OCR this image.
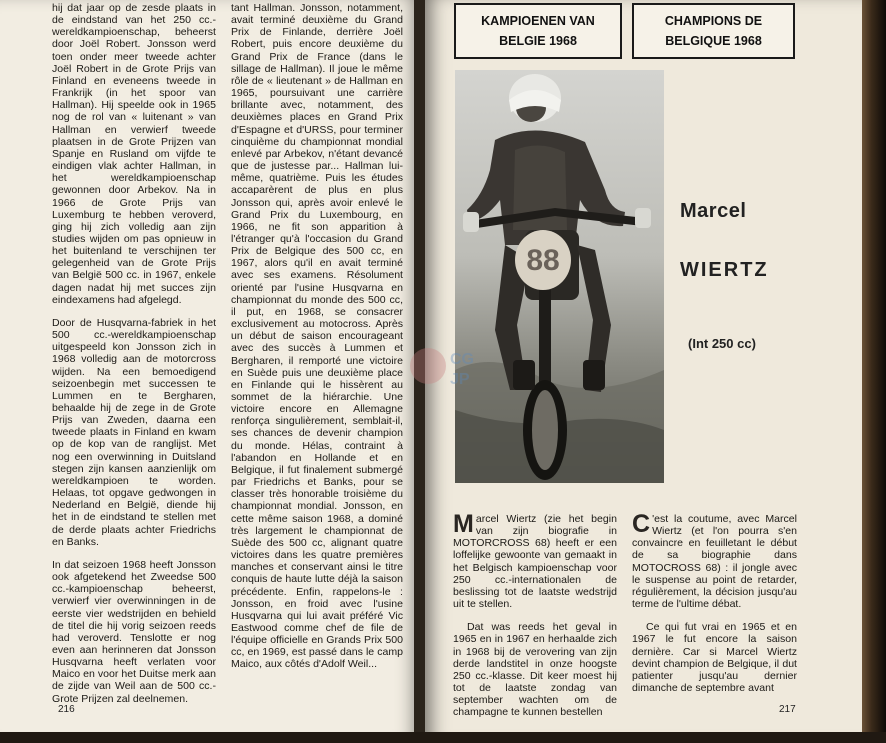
hij dat jaar op de zesde plaats in de eindstand van het 250 cc.-wereldkampioenschap, beheerst door Joël Robert. Jonsson werd toen onder meer tweede achter Joël Robert in de Grote Prijs van Finland en eveneens tweede in Frankrijk (in het spoor van Hallman). Hij speelde ook in 1965 nog de rol van « luitenant » van Hallman en verwierf tweede plaatsen in de Grote Prijzen van Spanje en Rusland om vijfde te eindigen vlak achter Hallman, in het wereldkampioenschap gewonnen door Arbekov. Na in 1966 de Grote Prijs van Luxemburg te hebben veroverd, ging hij zich volledig aan zijn studies wijden om pas opnieuw in het buitenland te verschijnen ter gelegenheid van de Grote Prijs van België 500 cc. in 1967, enkele dagen nadat hij met succes zijn eindexamens had afgelegd.

Door de Husqvarna-fabriek in het 500 cc.-wereldkampioenschap uitgespeeld kon Jonsson zich in 1968 volledig aan de motorcross wijden. Na een bemoedigend seizoenbegin met successen te Lummen en te Bergharen, behaalde hij de zege in de Grote Prijs van Zweden, daarna een tweede plaats in Finland en kwam op de kop van de ranglijst. Met nog een overwinning in Duitsland stegen zijn kansen aanzienlijk om wereldkampioen te worden. Helaas, tot opgave gedwongen in Nederland en België, diende hij het in de eindstand te stellen met de derde plaats achter Friedrichs en Banks.

In dat seizoen 1968 heeft Jonsson ook afgetekend het Zweedse 500 cc.-kampioenschap beheerst, verwierf vier overwinningen in de eerste vier wedstrijden en behield de titel die hij vorig seizoen reeds had veroverd. Tenslotte er nog even aan herinneren dat Jonsson Husqvarna heeft verlaten voor Maico en voor het Duitse merk aan de zijde van Weil aan de 500 cc.-Grote Prijzen zal deelnemen.

tant Hallman. Jonsson, notamment, avait terminé deuxième du Grand Prix de Finlande, derrière Joël Robert, puis encore deuxième du Grand Prix de France (dans le sillage de Hallman). Il joue le même rôle de « lieutenant » de Hallman en 1965, poursuivant une carrière brillante avec, notamment, des deuxièmes places en Grand Prix d'Espagne et d'URSS, pour terminer cinquième du championnat mondial enlevé par Arbekov, n'étant devancé que de justesse par... Hallman lui-même, quatrième. Puis les études accaparèrent de plus en plus Jonsson qui, après avoir enlevé le Grand Prix du Luxembourg, en 1966, ne fit son apparition à l'étranger qu'à l'occasion du Grand Prix de Belgique des 500 cc, en 1967, alors qu'il en avait terminé avec ses examens. Résolument orienté par l'usine Husqvarna en championnat du monde des 500 cc, il put, en 1968, se consacrer exclusivement au motocross. Après un début de saison encourageant avec des succès à Lummen et Bergharen, il remporté une victoire en Suède puis une deuxième place en Finlande qui le hissèrent au sommet de la hiérarchie. Une victoire encore en Allemagne renforça singulièrement, semblait-il, ses chances de devenir champion du monde. Hélas, contraint à l'abandon en Hollande et en Belgique, il fut finalement submergé par Friedrichs et Banks, pour se classer très honorable troisième du championnat mondial. Jonsson, en cette même saison 1968, a dominé très largement le championnat de Suède des 500 cc, alignant quatre victoires dans les quatre premières manches et conservant ainsi le titre conquis de haute lutte déjà la saison précédente. Enfin, rappelons-le : Jonsson, en froid avec l'usine Husqvarna qui lui avait préféré Vic Eastwood comme chef de file de l'équipe officielle en Grands Prix 500 cc, en 1969, est passé dans le camp Maico, aux côtés d'Adolf Weil...

216
KAMPIOENEN VAN
BELGIE 1968
CHAMPIONS DE
BELGIQUE 1968
88
CG
JP
Marcel
WIERTZ
(Int 250 cc)

Marcel Wiertz (zie het begin van zijn biografie in MOTORCROSS 68) heeft er een loffelijke gewoonte van gemaakt in het Belgisch kampioenschap voor 250 cc.-internationalen de beslissing tot de laatste wedstrijd uit te stellen.

Dat was reeds het geval in 1965 en in 1967 en herhaalde zich in 1968 bij de verovering van zijn derde landstitel in onze hoogste 250 cc.-klasse. Dit keer moest hij tot de laatste zondag van september wachten om de champagne te kunnen bestellen

C 'est la coutume, avec Marcel Wiertz (et l'on pourra s'en convaincre en feuilletant le début de sa biographie dans MOTOCROSS 68) : il jongle avec le suspense au point de retarder, régulièrement, la décision jusqu'au terme de l'ultime débat.

Ce qui fut vrai en 1965 et en 1967 le fut encore la saison dernière. Car si Marcel Wiertz devint champion de Belgique, il dut patienter jusqu'au dernier dimanche de septembre avant

217
